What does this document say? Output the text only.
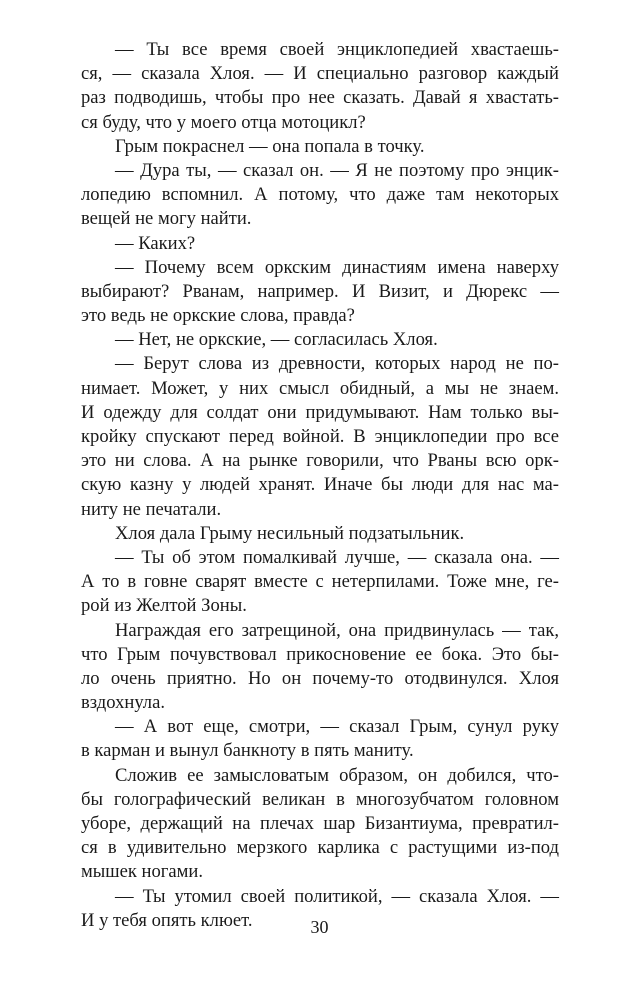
— Ты все время своей энциклопедией хвастаешь-
ся, — сказала Хлоя. — И специально разговор каждый
раз подводишь, чтобы про нее сказать. Давай я хвастать-
ся буду, что у моего отца мотоцикл?
Грым покраснел — она попала в точку.
— Дура ты, — сказал он. — Я не поэтому про энцик-
лопедию вспомнил. А потому, что даже там некоторых
вещей не могу найти.
— Каких?
— Почему всем оркским династиям имена наверху
выбирают? Рванам, например. И Визит, и Дюрекс —
это ведь не оркские слова, правда?
— Нет, не оркские, — согласилась Хлоя.
— Берут слова из древности, которых народ не по-
нимает. Может, у них смысл обидный, а мы не знаем.
И одежду для солдат они придумывают. Нам только вы-
кройку спускают перед войной. В энциклопедии про все
это ни слова. А на рынке говорили, что Рваны всю орк-
скую казну у людей хранят. Иначе бы люди для нас ма-
ниту не печатали.
Хлоя дала Грыму несильный подзатыльник.
— Ты об этом помалкивай лучше, — сказала она. —
А то в говне сварят вместе с нетерпилами. Тоже мне, ге-
рой из Желтой Зоны.
Награждая его затрещиной, она придвинулась — так,
что Грым почувствовал прикосновение ее бока. Это бы-
ло очень приятно. Но он почему-то отодвинулся. Хлоя
вздохнула.
— А вот еще, смотри, — сказал Грым, сунул руку
в карман и вынул банкноту в пять маниту.
Сложив ее замысловатым образом, он добился, что-
бы голографический великан в многозубчатом головном
уборе, держащий на плечах шар Бизантиума, превратил-
ся в удивительно мерзкого карлика с растущими из-под
мышек ногами.
— Ты утомил своей политикой, — сказала Хлоя. —
И у тебя опять клюет.	30
